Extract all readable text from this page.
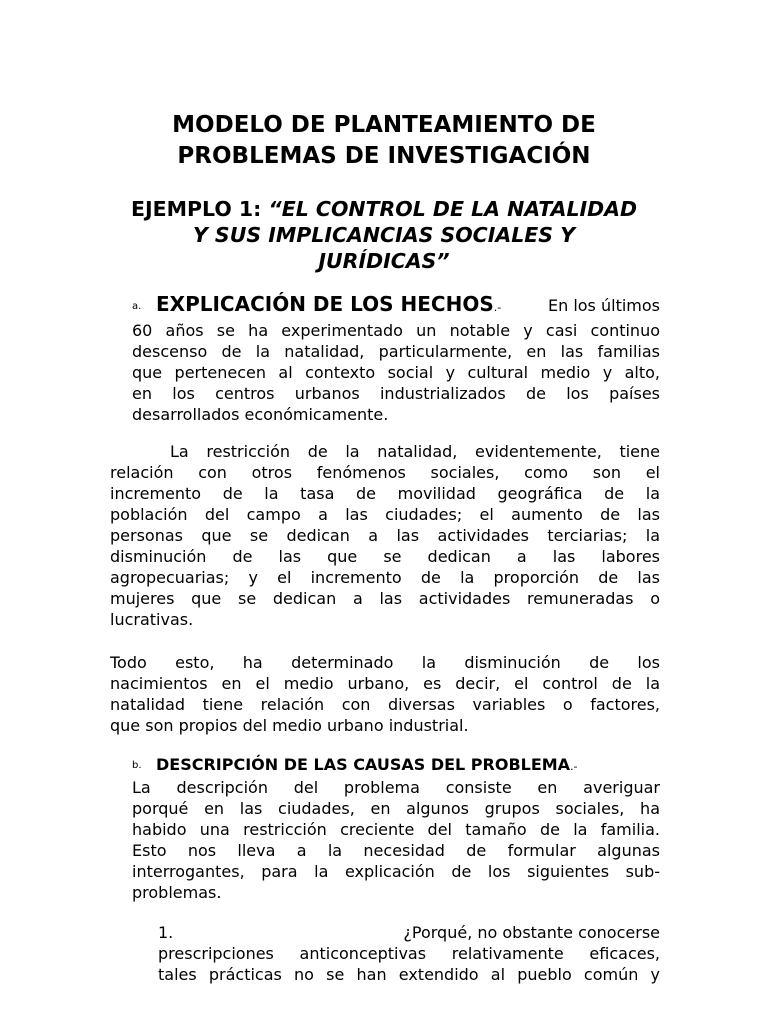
MODELO DE PLANTEAMIENTO DE
PROBLEMAS DE INVESTIGACIÓN
EJEMPLO 1: “EL CONTROL DE LA NATALIDAD
Y SUS IMPLICANCIAS SOCIALES Y
JURÍDICAS”
a. EXPLICACIÓN DE LOS HECHOS.-	En los últimos
60 años se ha experimentado un notable y casi continuo
descenso de la natalidad, particularmente, en las familias
que pertenecen al contexto social y cultural medio y alto,
en los centros urbanos industrializados de los países
desarrollados económicamente.
La restricción de la natalidad, evidentemente, tiene
relación con otros fenómenos sociales, como son el
incremento de la tasa de movilidad geográfica de la
población del campo a las ciudades; el aumento de las
personas que se dedican a las actividades terciarias; la
disminución de las que se dedican a las labores
agropecuarias; y el incremento de la proporción de las
mujeres que se dedican a las actividades remuneradas o
lucrativas.
Todo esto, ha determinado la disminución de los
nacimientos en el medio urbano, es decir, el control de la
natalidad tiene relación con diversas variables o factores,
que son propios del medio urbano industrial.
b. DESCRIPCIÓN DE LAS CAUSAS DEL PROBLEMA.-
La descripción del problema consiste en averiguar
porqué en las ciudades, en algunos grupos sociales, ha
habido una restricción creciente del tamaño de la familia.
Esto nos lleva a la necesidad de formular algunas
interrogantes, para la explicación de los siguientes sub-
problemas.
1.	¿Porqué, no obstante conocerse
prescripciones anticonceptivas relativamente eficaces,
tales prácticas no se han extendido al pueblo común y
